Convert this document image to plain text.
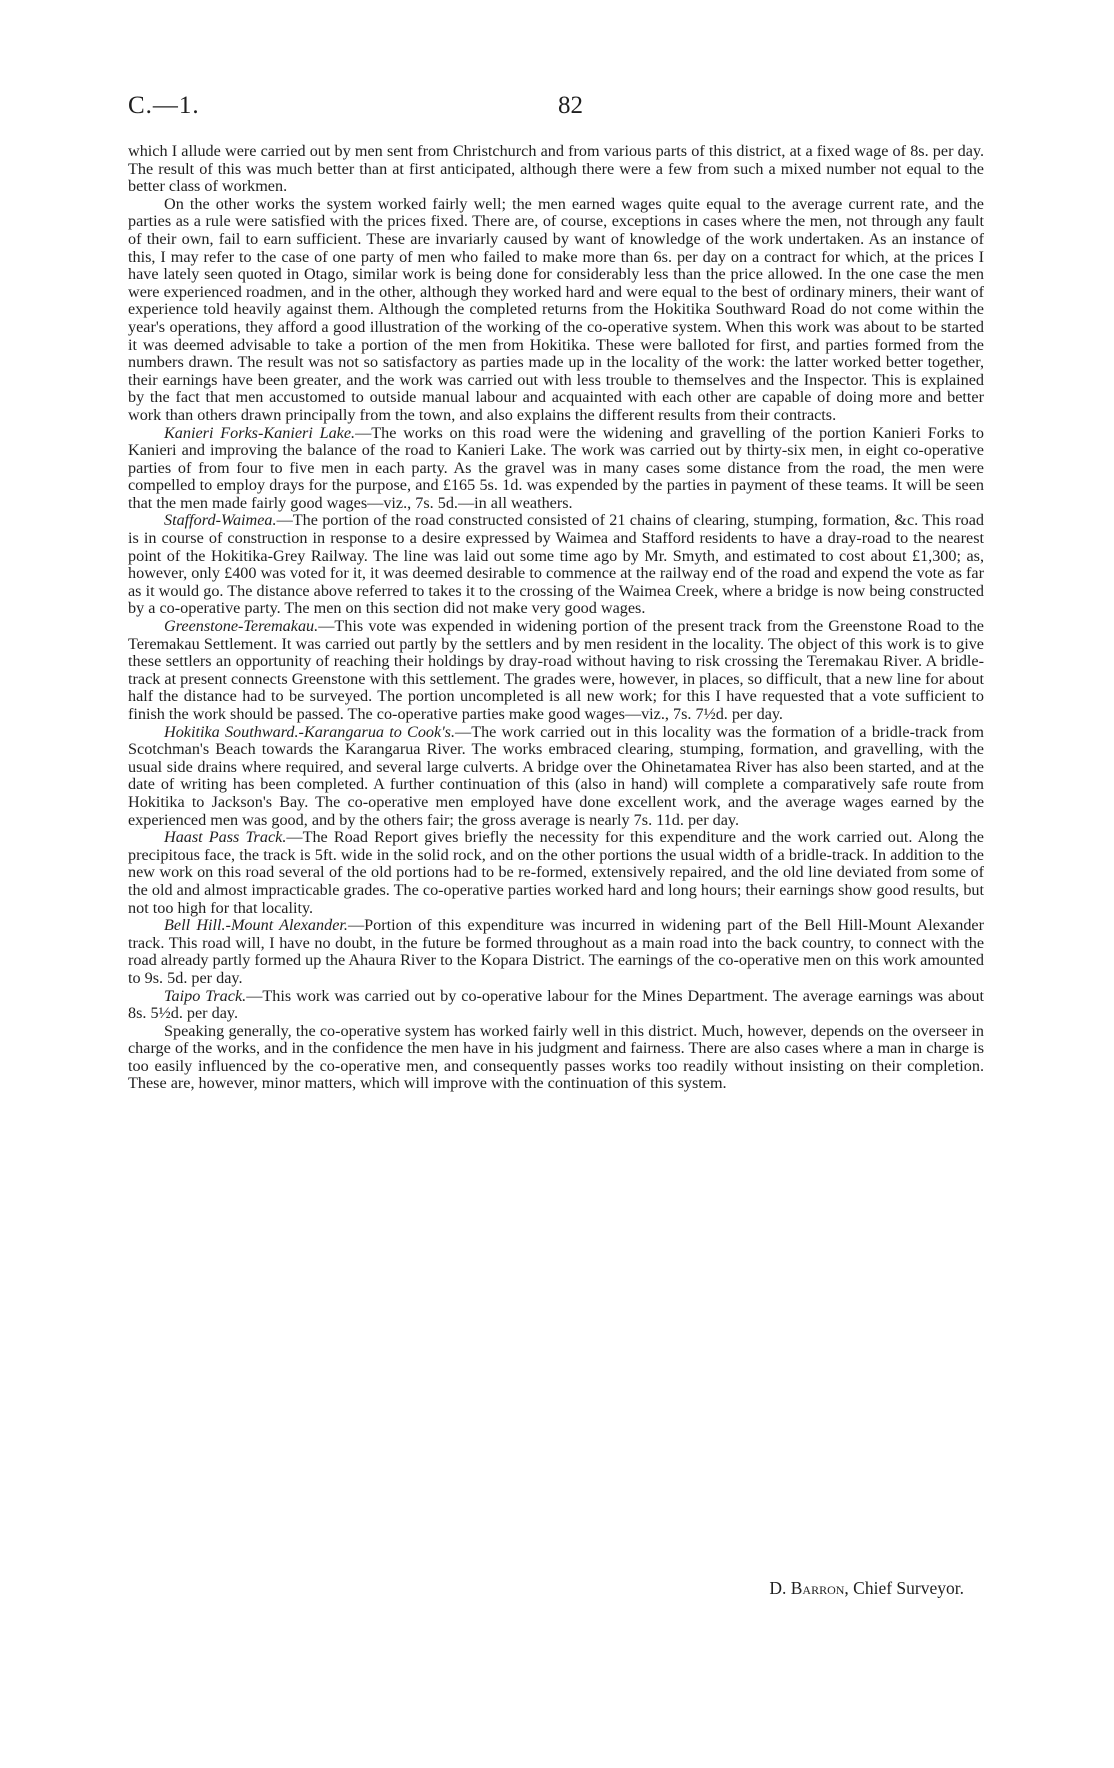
C.—1.	82

which I allude were carried out by men sent from Christchurch and from various parts of this district, at a fixed wage of 8s. per day. The result of this was much better than at first anticipated, although there were a few from such a mixed number not equal to the better class of workmen.

On the other works the system worked fairly well; the men earned wages quite equal to the average current rate, and the parties as a rule were satisfied with the prices fixed. There are, of course, exceptions in cases where the men, not through any fault of their own, fail to earn sufficient. These are invariarly caused by want of knowledge of the work undertaken. As an instance of this, I may refer to the case of one party of men who failed to make more than 6s. per day on a contract for which, at the prices I have lately seen quoted in Otago, similar work is being done for considerably less than the price allowed. In the one case the men were experienced roadmen, and in the other, although they worked hard and were equal to the best of ordinary miners, their want of experience told heavily against them. Although the completed returns from the Hokitika Southward Road do not come within the year's operations, they afford a good illustration of the working of the co-operative system. When this work was about to be started it was deemed advisable to take a portion of the men from Hokitika. These were balloted for first, and parties formed from the numbers drawn. The result was not so satisfactory as parties made up in the locality of the work: the latter worked better together, their earnings have been greater, and the work was carried out with less trouble to themselves and the Inspector. This is explained by the fact that men accustomed to outside manual labour and acquainted with each other are capable of doing more and better work than others drawn principally from the town, and also explains the different results from their contracts.

Kanieri Forks-Kanieri Lake.—The works on this road were the widening and gravelling of the portion Kanieri Forks to Kanieri and improving the balance of the road to Kanieri Lake. The work was carried out by thirty-six men, in eight co-operative parties of from four to five men in each party. As the gravel was in many cases some distance from the road, the men were compelled to employ drays for the purpose, and £165 5s. 1d. was expended by the parties in payment of these teams. It will be seen that the men made fairly good wages—viz., 7s. 5d.—in all weathers.

Stafford-Waimea.—The portion of the road constructed consisted of 21 chains of clearing, stumping, formation, &c. This road is in course of construction in response to a desire expressed by Waimea and Stafford residents to have a dray-road to the nearest point of the Hokitika-Grey Railway. The line was laid out some time ago by Mr. Smyth, and estimated to cost about £1,300; as, however, only £400 was voted for it, it was deemed desirable to commence at the railway end of the road and expend the vote as far as it would go. The distance above referred to takes it to the crossing of the Waimea Creek, where a bridge is now being constructed by a co-operative party. The men on this section did not make very good wages.

Greenstone-Teremakau.—This vote was expended in widening portion of the present track from the Greenstone Road to the Teremakau Settlement. It was carried out partly by the settlers and by men resident in the locality. The object of this work is to give these settlers an opportunity of reaching their holdings by dray-road without having to risk crossing the Teremakau River. A bridle-track at present connects Greenstone with this settlement. The grades were, however, in places, so difficult, that a new line for about half the distance had to be surveyed. The portion uncompleted is all new work; for this I have requested that a vote sufficient to finish the work should be passed. The co-operative parties make good wages—viz., 7s. 7½d. per day.

Hokitika Southward.-Karangarua to Cook's.—The work carried out in this locality was the formation of a bridle-track from Scotchman's Beach towards the Karangarua River. The works embraced clearing, stumping, formation, and gravelling, with the usual side drains where required, and several large culverts. A bridge over the Ohinetamatea River has also been started, and at the date of writing has been completed. A further continuation of this (also in hand) will complete a comparatively safe route from Hokitika to Jackson's Bay. The co-operative men employed have done excellent work, and the average wages earned by the experienced men was good, and by the others fair; the gross average is nearly 7s. 11d. per day.

Haast Pass Track.—The Road Report gives briefly the necessity for this expenditure and the work carried out. Along the precipitous face, the track is 5ft. wide in the solid rock, and on the other portions the usual width of a bridle-track. In addition to the new work on this road several of the old portions had to be re-formed, extensively repaired, and the old line deviated from some of the old and almost impracticable grades. The co-operative parties worked hard and long hours; their earnings show good results, but not too high for that locality.

Bell Hill.-Mount Alexander.—Portion of this expenditure was incurred in widening part of the Bell Hill-Mount Alexander track. This road will, I have no doubt, in the future be formed throughout as a main road into the back country, to connect with the road already partly formed up the Ahaura River to the Kopara District. The earnings of the co-operative men on this work amounted to 9s. 5d. per day.

Taipo Track.—This work was carried out by co-operative labour for the Mines Department. The average earnings was about 8s. 5½d. per day.

Speaking generally, the co-operative system has worked fairly well in this district. Much, however, depends on the overseer in charge of the works, and in the confidence the men have in his judgment and fairness. There are also cases where a man in charge is too easily influenced by the co-operative men, and consequently passes works too readily without insisting on their completion. These are, however, minor matters, which will improve with the continuation of this system.

D. Barron, Chief Surveyor.
